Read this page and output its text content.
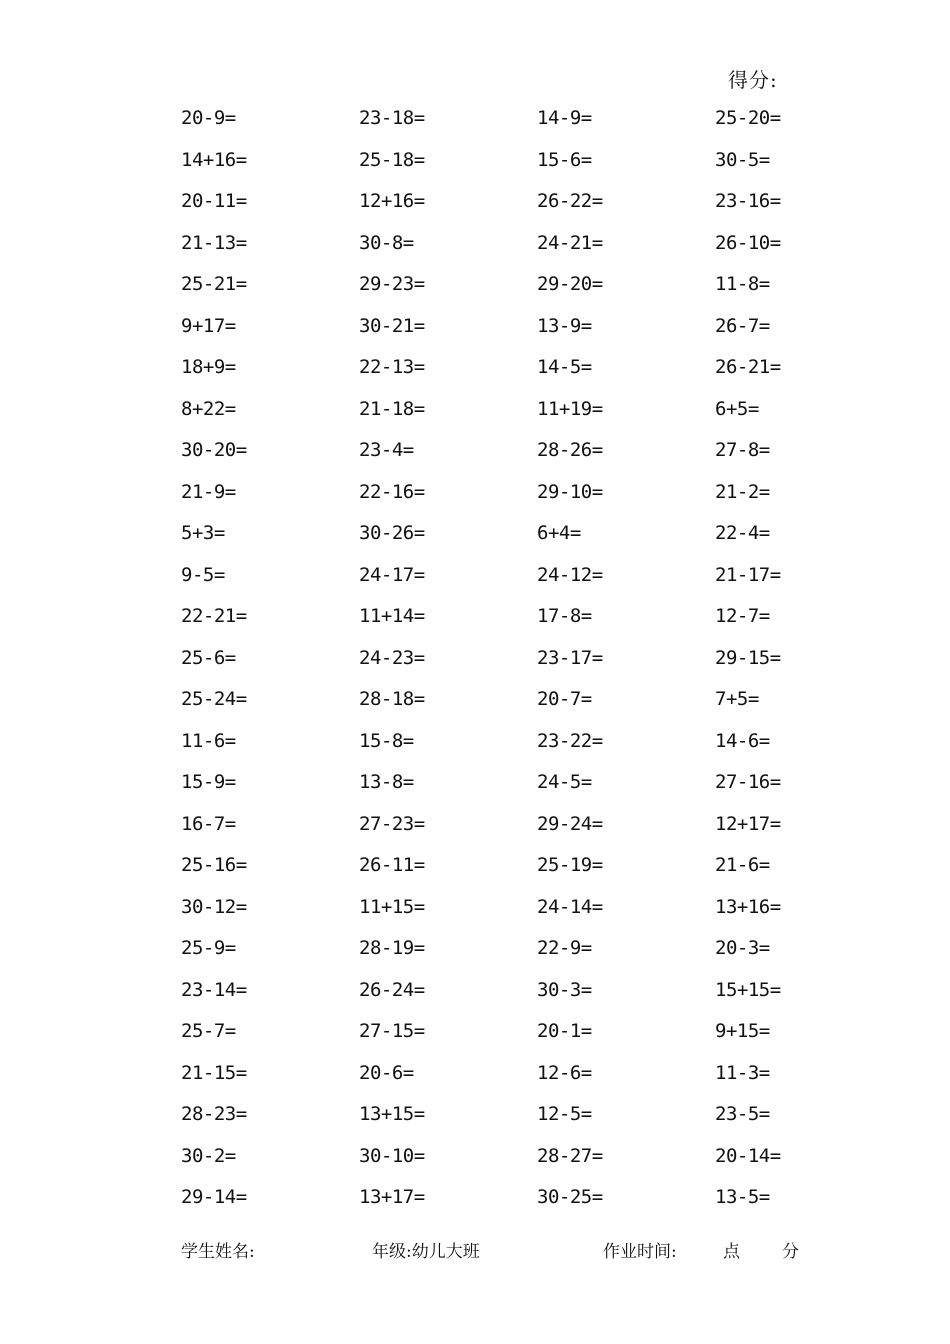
得分:
20-9=	23-18=	14-9=	25-20=
14+16=	25-18=	15-6=	30-5=
20-11=	12+16=	26-22=	23-16=
21-13=	30-8=	24-21=	26-10=
25-21=	29-23=	29-20=	11-8=
9+17=	30-21=	13-9=	26-7=
18+9=	22-13=	14-5=	26-21=
8+22=	21-18=	11+19=	6+5=
30-20=	23-4=	28-26=	27-8=
21-9=	22-16=	29-10=	21-2=
5+3=	30-26=	6+4=	22-4=
9-5=	24-17=	24-12=	21-17=
22-21=	11+14=	17-8=	12-7=
25-6=	24-23=	23-17=	29-15=
25-24=	28-18=	20-7=	7+5=
11-6=	15-8=	23-22=	14-6=
15-9=	13-8=	24-5=	27-16=
16-7=	27-23=	29-24=	12+17=
25-16=	26-11=	25-19=	21-6=
30-12=	11+15=	24-14=	13+16=
25-9=	28-19=	22-9=	20-3=
23-14=	26-24=	30-3=	15+15=
25-7=	27-15=	20-1=	9+15=
21-15=	20-6=	12-6=	11-3=
28-23=	13+15=	12-5=	23-5=
30-2=	30-10=	28-27=	20-14=
29-14=	13+17=	30-25=	13-5=
学生姓名:	年级:幼儿大班	作业时间:	点 分
